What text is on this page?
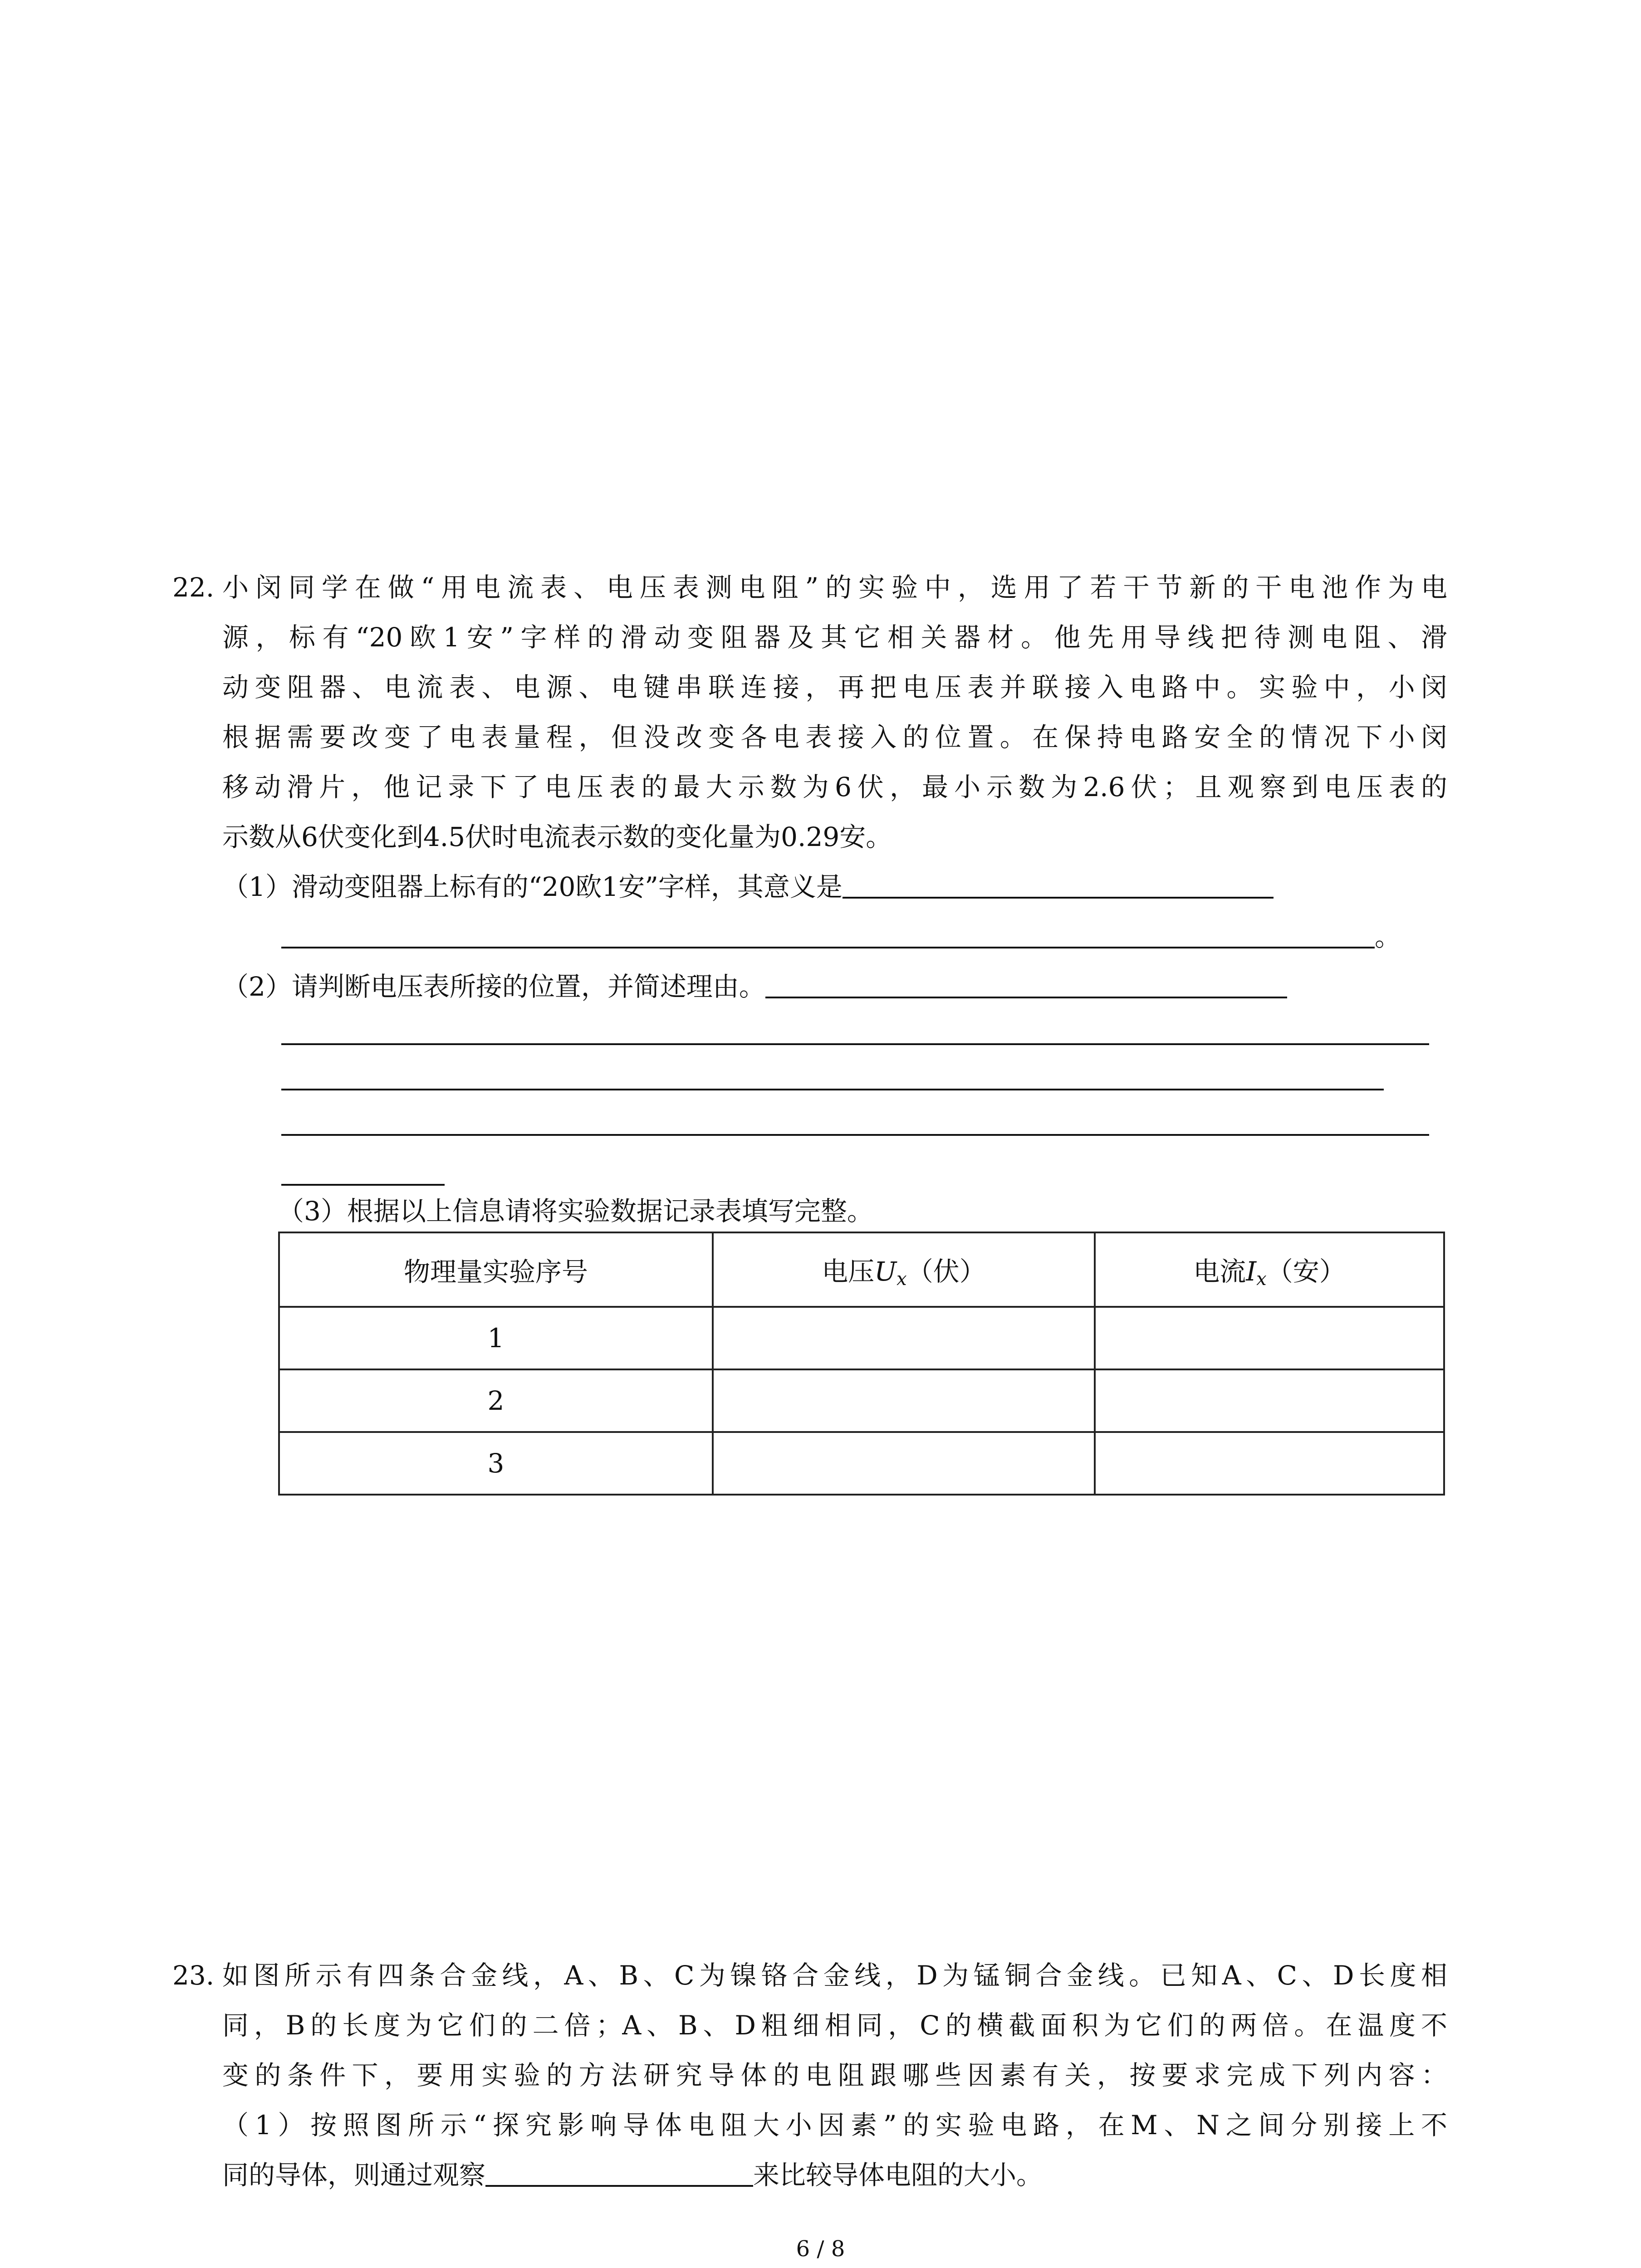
22. 小闵同学在做“用电流表、电压表测电阻”的实验中，选用了若干节新的干电池作为电
源，标有“20欧1安”字样的滑动变阻器及其它相关器材。他先用导线把待测电阻、滑
动变阻器、电流表、电源、电键串联连接，再把电压表并联接入电路中。实验中，小闵
根据需要改变了电表量程，但没改变各电表接入的位置。在保持电路安全的情况下小闵
移动滑片，他记录下了电压表的最大示数为6伏，最小示数为2.6伏；且观察到电压表的
示数从6伏变化到4.5伏时电流表示数的变化量为0.29安。
（1）滑动变阻器上标有的“20欧1安”字样，其意义是
。
（2）请判断电压表所接的位置，并简述理由。
（3）根据以上信息请将实验数据记录表填写完整。
物理量实验序号	电压Ux（伏）	电流Ix（安）
1		
2		
3		
23. 如图所示有四条合金线，A、B、C为镍铬合金线，D为锰铜合金线。已知A、C、D长度相
同，B的长度为它们的二倍；A、B、D粗细相同，C的横截面积为它们的两倍。在温度不
变的条件下，要用实验的方法研究导体的电阻跟哪些因素有关，按要求完成下列内容：
（1）按照图所示“探究影响导体电阻大小因素”的实验电路，在M、N之间分别接上不
同的导体，则通过观察	来比较导体电阻的大小。
6 / 8
